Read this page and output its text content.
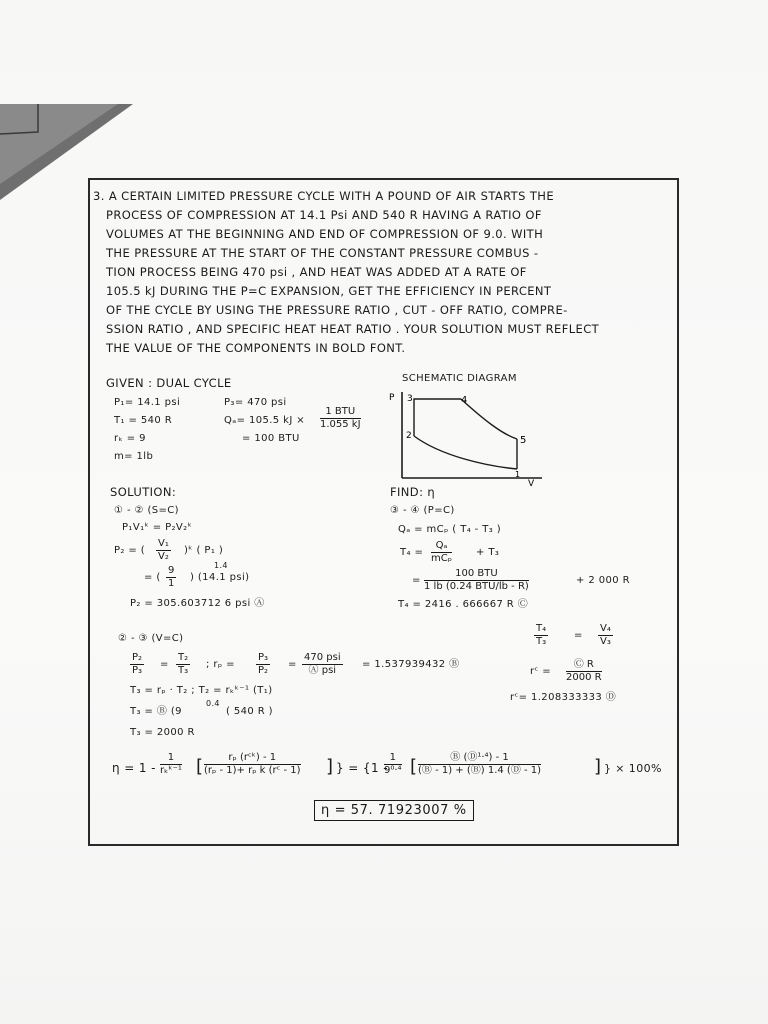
3. A CERTAIN LIMITED PRESSURE CYCLE WITH A POUND OF AIR STARTS THE
PROCESS OF COMPRESSION AT 14.1 Psi AND 540 R HAVING A RATIO OF
VOLUMES AT THE BEGINNING AND END OF COMPRESSION OF 9.0. WITH
THE PRESSURE AT THE START OF THE CONSTANT PRESSURE COMBUS -
TION PROCESS BEING 470 psi , AND HEAT WAS ADDED AT A RATE OF
105.5 kJ DURING THE P=C EXPANSION, GET THE EFFICIENCY IN PERCENT
OF THE CYCLE BY USING THE PRESSURE RATIO , CUT - OFF RATIO, COMPRE-
SSION RATIO , AND SPECIFIC HEAT HEAT RATIO . YOUR SOLUTION MUST REFLECT
THE VALUE OF THE COMPONENTS IN BOLD FONT.
GIVEN : DUAL CYCLE
P₁= 14.1 psi
T₁ = 540 R
rₖ = 9
m= 1lb
P₃= 470 psi
Qₐ= 105.5 kJ ×
1 BTU
1.055 kJ
= 100 BTU
SCHEMATIC DIAGRAM
P
V
1
2
3	4
5
SOLUTION:
① - ② (S=C)
P₁V₁ᵏ = P₂V₂ᵏ
P₂ = ( $\frac{\text{V₁}}{\text{V₂}}$ )ᵏ ( P₁ )
= ( $\frac{9}{1}$	1.4
) (14.1 psi)
P₂ = 305.603712 6 psi Ⓐ
FIND: η
③ - ④ (P=C)
Qₐ = mCₚ ( T₄ - T₃ )
T₄ =
Qₐ
mCₚ
+ T₃
=
100 BTU
1 lb (0.24 BTU/lb - R)
+ 2 000 R
T₄ = 2416 . 666667 R Ⓒ
② - ③ (V=C)
$\frac{\text{P₂}}{\text{P₃}} = \frac{\text{T₂}}{\text{T₃}}$ ; $r_p = \frac{\text{P₃}}{\text{P₂}}$ =
470 psi
Ⓐ psi
= 1.537939432 Ⓑ
T₃ = rₚ · T₂ ; T₂ = rₖᵏ⁻¹ (T₁)
T₃ = Ⓑ (9
0.4
( 540 R )
T₃ = 2000 R
$\frac{\text{T₄}}{\text{T₃}}$	= $\frac{\text{V₄}}{\text{V₃}}$
rᶜ = $\frac{Ⓒ R}{2000 R}$
rᶜ= 1.208333333 Ⓓ
η = 1 -
1
rₖᵏ⁻¹ [	rₚ (rᶜᵏ) - 1
(rₚ - 1)+ rₚ k (rᶜ - 1) ] } = {1 -
$\frac{1}{\text{9⁰·⁴}}$ [ $\frac{\text{Ⓑ (Ⓓ¹·⁴) - 1}}{(Ⓑ - 1) + (Ⓑ) 1.4 (Ⓓ - 1)}$	] } × 100%
η = 57. 71923007 %
